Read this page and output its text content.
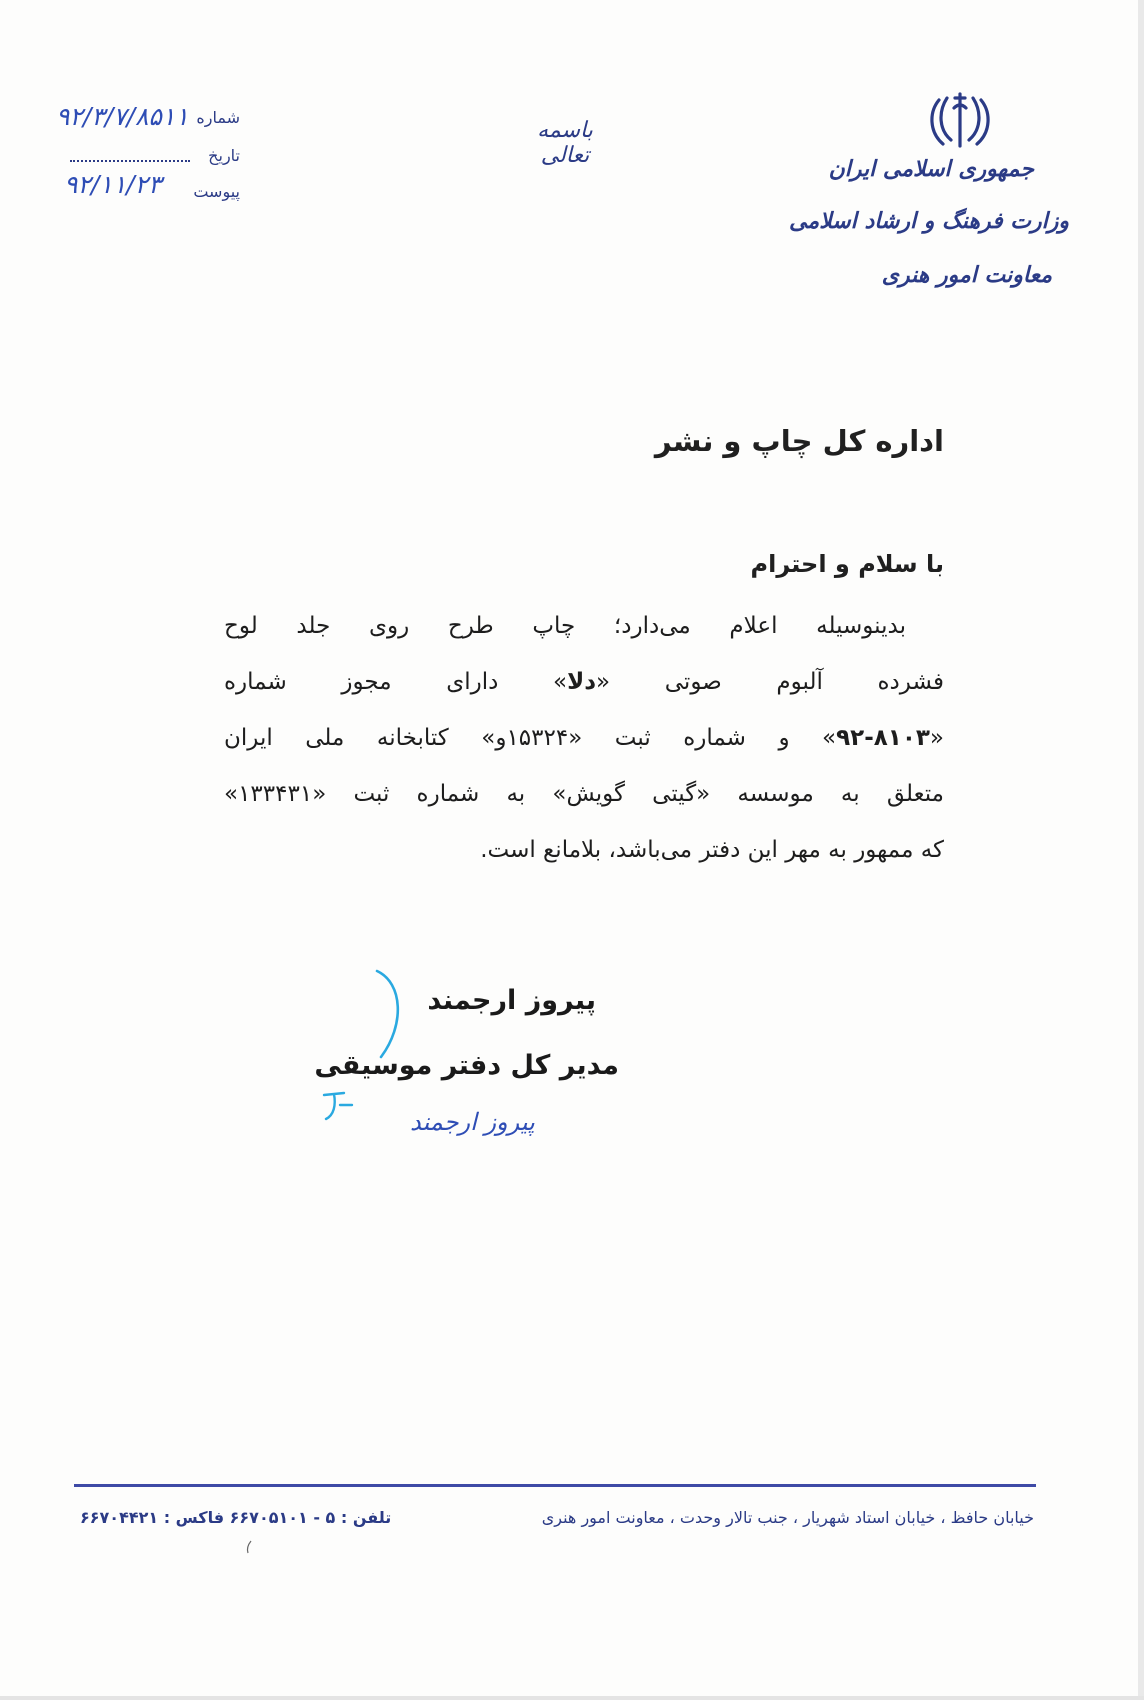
جمهوری اسلامی ایران
وزارت فرهنگ و ارشاد اسلامی
معاونت امور هنری
باسمه تعالی
شماره
۹۲/۳/۷/۸۵۱۱
تاریخ
پیوست
۹۲/۱۱/۲۳
اداره کل چاپ و نشر
با سلام و احترام
بدینوسیله اعلام می‌دارد؛ چاپ طرح روی جلد لوح
فشرده آلبوم صوتی «دلا» دارای مجوز شماره
«۹۲-۸۱۰۳» و شماره ثبت «۱۵۳۲۴و» کتابخانه ملی ایران
متعلق به موسسه «گیتی گویش» به شماره ثبت «۱۳۳۴۳۱»
که ممهور به مهر این دفتر می‌باشد، بلامانع است.
پیروز ارجمند
مدیر کل دفتر موسیقی
پیروز ارجمند
خیابان حافظ ، خیابان استاد شهریار ، جنب تالار وحدت ، معاونت امور هنری
تلفن : ۵ - ۶۶۷۰۵۱۰۱ فاکس : ۶۶۷۰۴۴۲۱
